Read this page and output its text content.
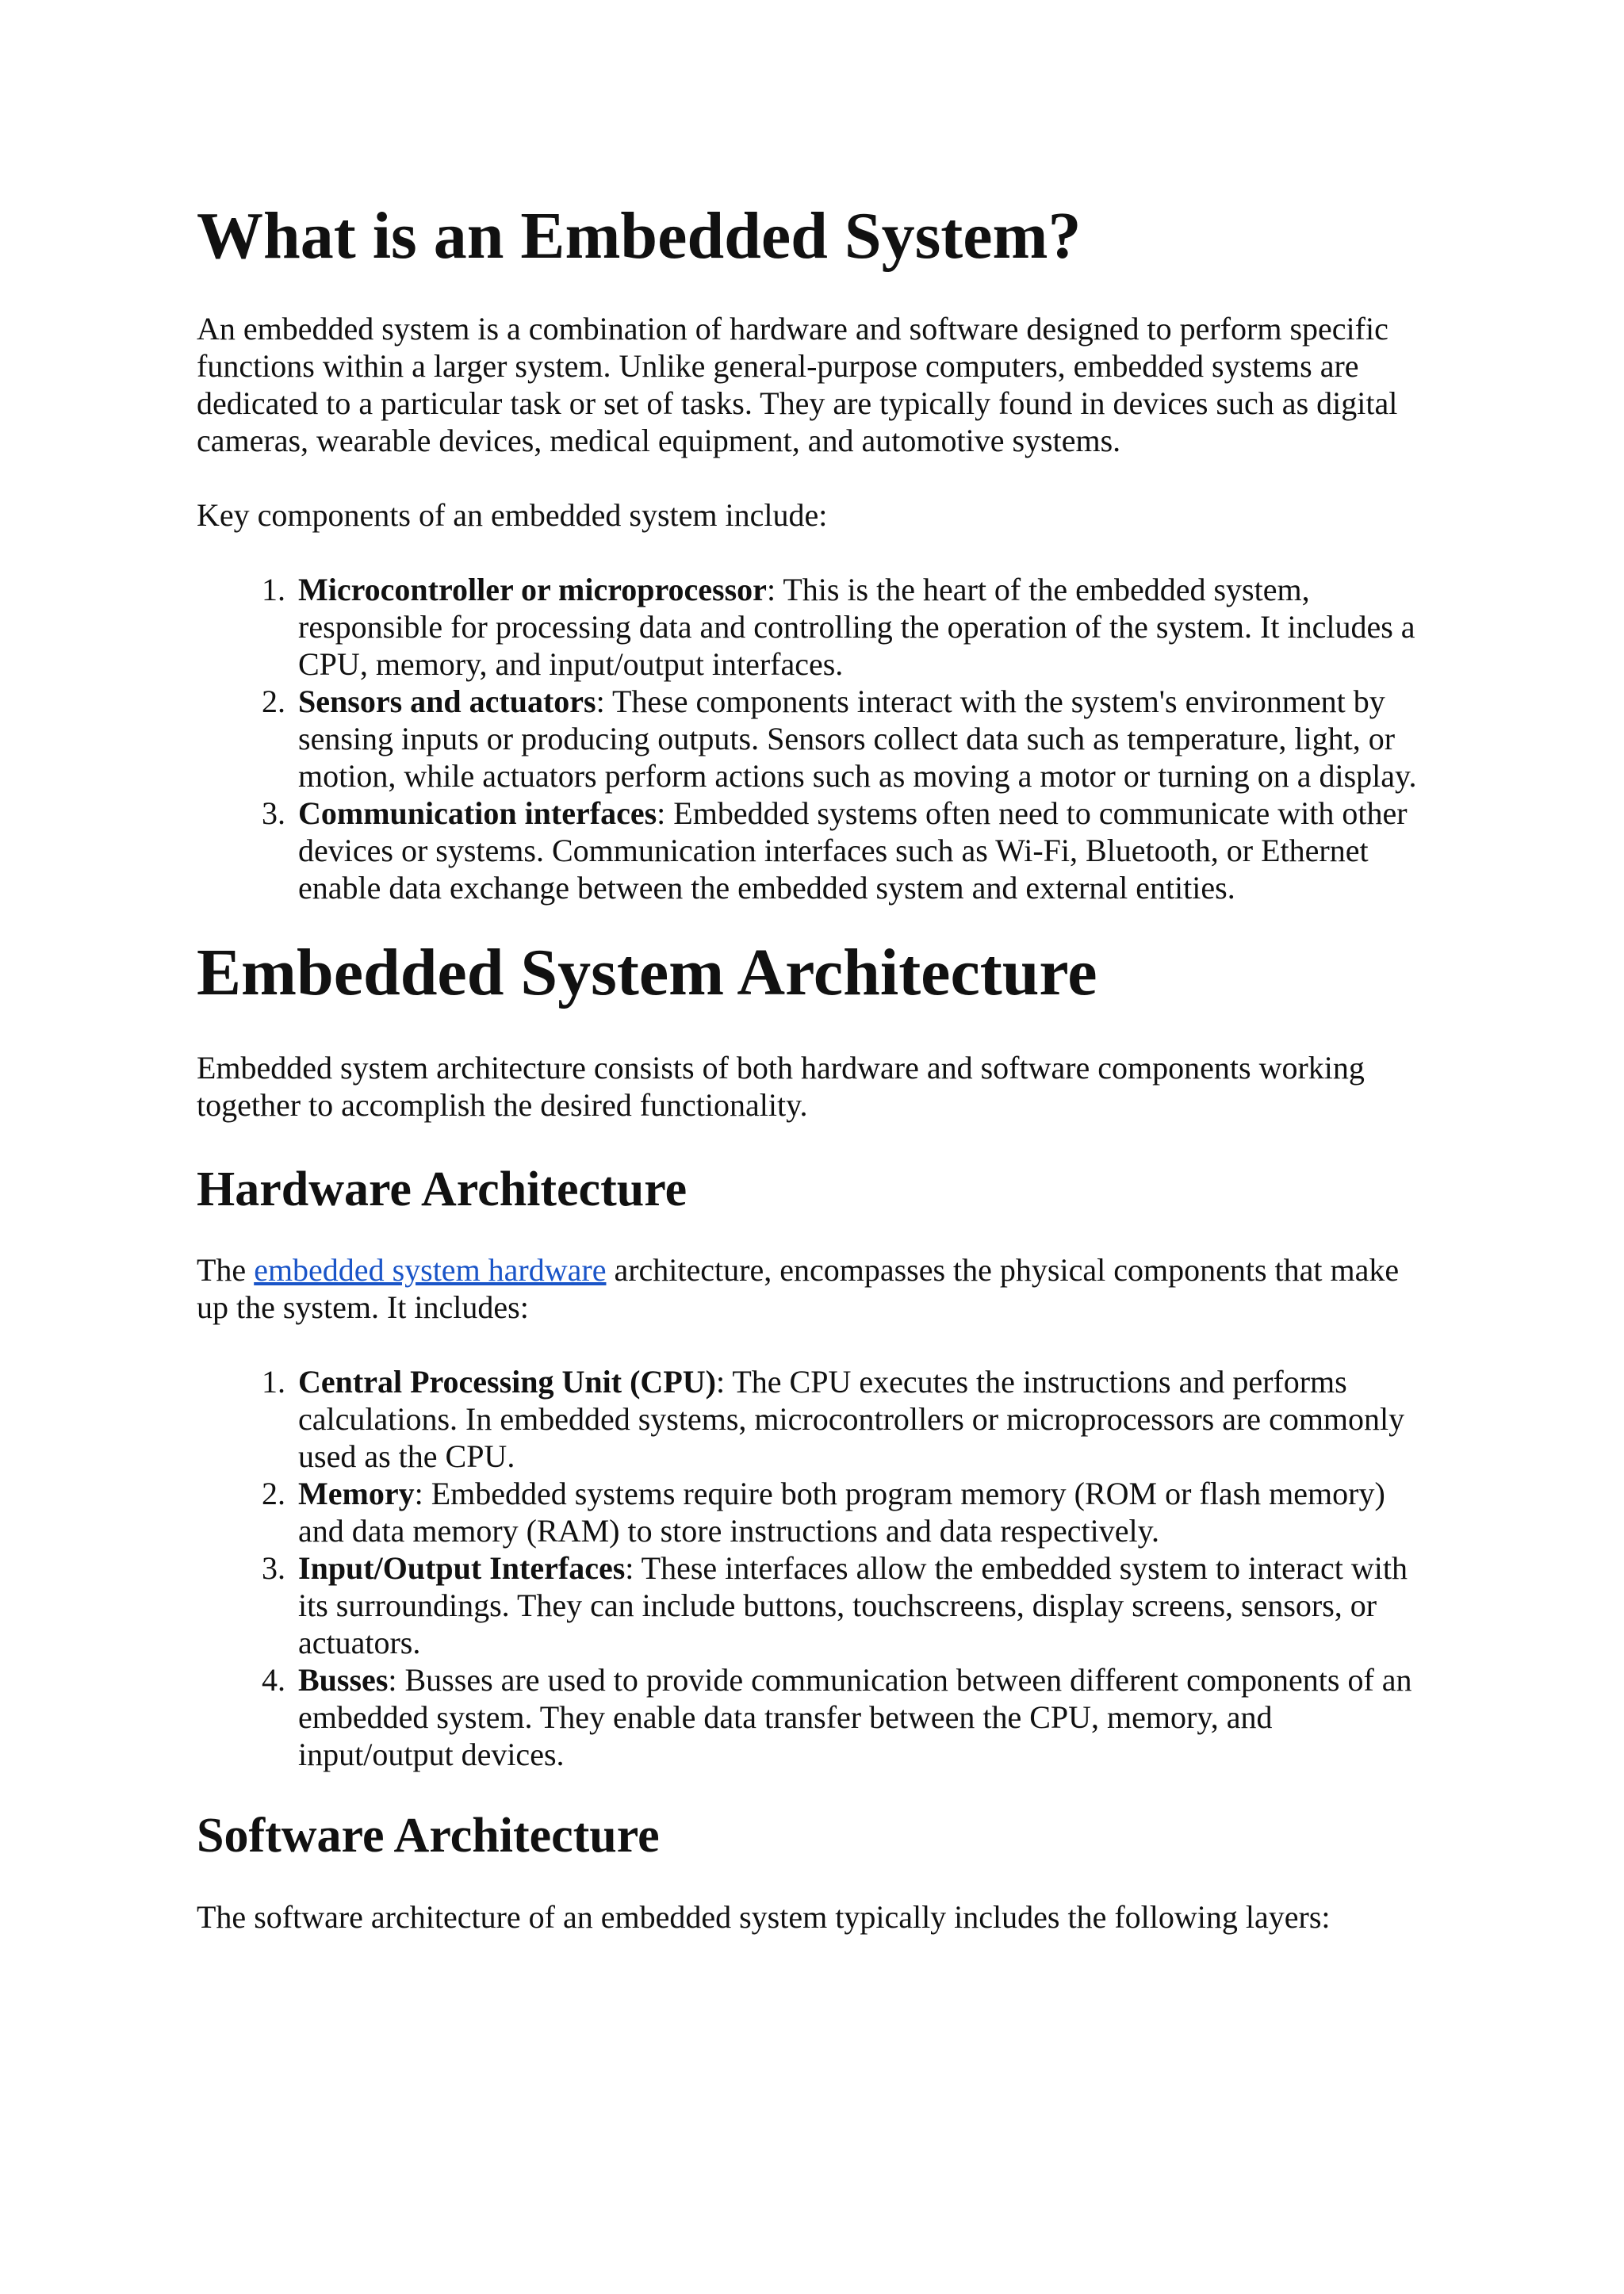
What is an Embedded System?

An embedded system is a combination of hardware and software designed to perform specific functions within a larger system. Unlike general-purpose computers, embedded systems are dedicated to a particular task or set of tasks. They are typically found in devices such as digital cameras, wearable devices, medical equipment, and automotive systems.

Key components of an embedded system include:

1. Microcontroller or microprocessor: This is the heart of the embedded system, responsible for processing data and controlling the operation of the system. It includes a CPU, memory, and input/output interfaces.
2. Sensors and actuators: These components interact with the system's environment by sensing inputs or producing outputs. Sensors collect data such as temperature, light, or motion, while actuators perform actions such as moving a motor or turning on a display.
3. Communication interfaces: Embedded systems often need to communicate with other devices or systems. Communication interfaces such as Wi-Fi, Bluetooth, or Ethernet enable data exchange between the embedded system and external entities.
Embedded System Architecture

Embedded system architecture consists of both hardware and software components working together to accomplish the desired functionality.

Hardware Architecture

The embedded system hardware architecture, encompasses the physical components that make up the system. It includes:

1. Central Processing Unit (CPU): The CPU executes the instructions and performs calculations. In embedded systems, microcontrollers or microprocessors are commonly used as the CPU.
2. Memory: Embedded systems require both program memory (ROM or flash memory) and data memory (RAM) to store instructions and data respectively.
3. Input/Output Interfaces: These interfaces allow the embedded system to interact with its surroundings. They can include buttons, touchscreens, display screens, sensors, or actuators.
4. Busses: Busses are used to provide communication between different components of an embedded system. They enable data transfer between the CPU, memory, and input/output devices.
Software Architecture

The software architecture of an embedded system typically includes the following layers:
